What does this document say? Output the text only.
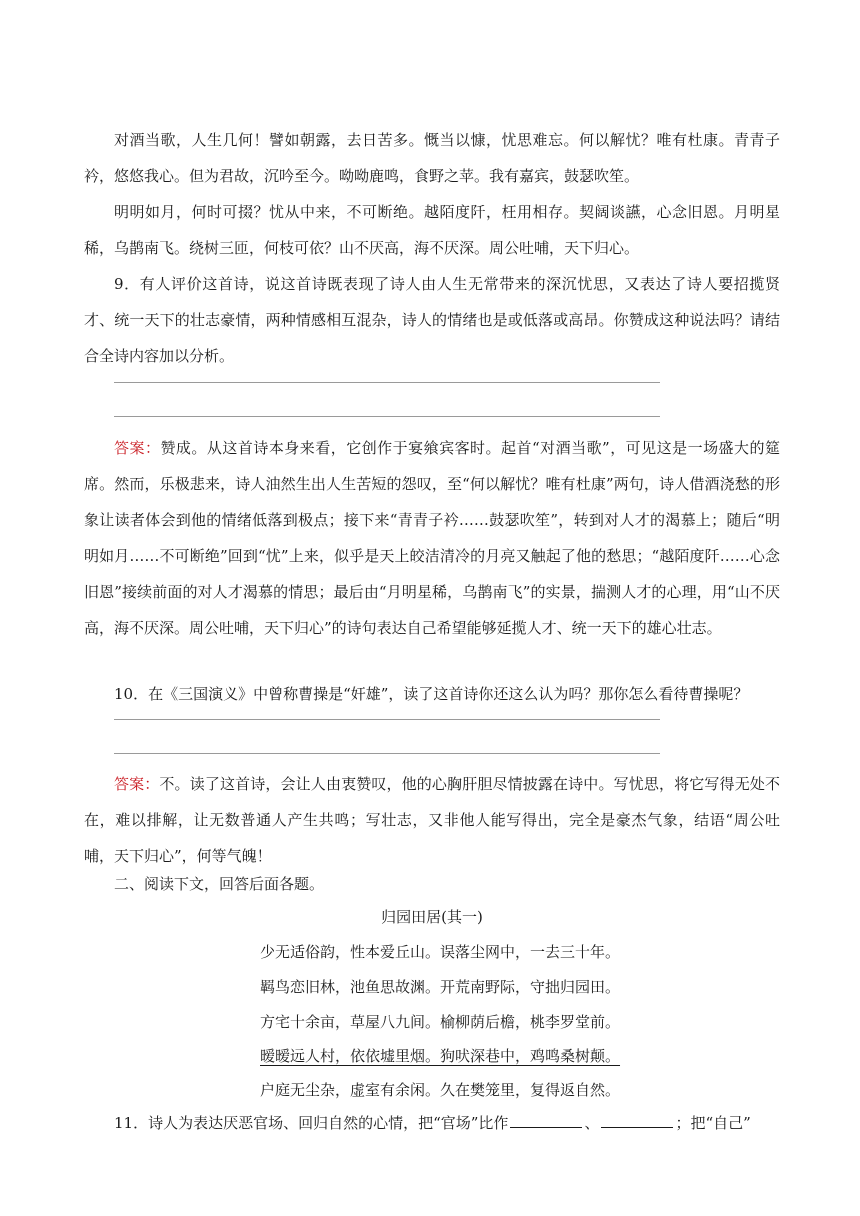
对酒当歌，人生几何！譬如朝露，去日苦多。慨当以慷，忧思难忘。何以解忧？唯有杜康。青青子衿，悠悠我心。但为君故，沉吟至今。呦呦鹿鸣，食野之苹。我有嘉宾，鼓瑟吹笙。

明明如月，何时可掇？忧从中来，不可断绝。越陌度阡，枉用相存。契阔谈讌，心念旧恩。月明星稀，乌鹊南飞。绕树三匝，何枝可依？山不厌高，海不厌深。周公吐哺，天下归心。

9．有人评价这首诗，说这首诗既表现了诗人由人生无常带来的深沉忧思，又表达了诗人要招揽贤才、统一天下的壮志豪情，两种情感相互混杂，诗人的情绪也是或低落或高昂。你赞成这种说法吗？请结合全诗内容加以分析。

答案：赞成。从这首诗本身来看，它创作于宴飨宾客时。起首“对酒当歌”，可见这是一场盛大的筵席。然而，乐极悲来，诗人油然生出人生苦短的怨叹，至“何以解忧？唯有杜康”两句，诗人借酒浇愁的形象让读者体会到他的情绪低落到极点；接下来“青青子衿……鼓瑟吹笙”，转到对人才的渴慕上；随后“明明如月……不可断绝”回到“忧”上来，似乎是天上皎洁清冷的月亮又触起了他的愁思；“越陌度阡……心念旧恩”接续前面的对人才渴慕的情思；最后由“月明星稀，乌鹊南飞”的实景，揣测人才的心理，用“山不厌高，海不厌深。周公吐哺，天下归心”的诗句表达自己希望能够延揽人才、统一天下的雄心壮志。

10．在《三国演义》中曾称曹操是“奸雄”，读了这首诗你还这么认为吗？那你怎么看待曹操呢？

答案：不。读了这首诗，会让人由衷赞叹，他的心胸肝胆尽情披露在诗中。写忧思，将它写得无处不在，难以排解，让无数普通人产生共鸣；写壮志，又非他人能写得出，完全是豪杰气象，结语“周公吐哺，天下归心”，何等气魄！

二、阅读下文，回答后面各题。

归园田居(其一)
少无适俗韵，性本爱丘山。误落尘网中，一去三十年。
羁鸟恋旧林，池鱼思故渊。开荒南野际，守拙归园田。
方宅十余亩，草屋八九间。榆柳荫后檐，桃李罗堂前。
暧暧远人村，依依墟里烟。狗吠深巷中，鸡鸣桑树颠。
户庭无尘杂，虚室有余闲。久在樊笼里，复得返自然。

11．诗人为表达厌恶官场、回归自然的心情，把“官场”比作	、	；把“自己”
